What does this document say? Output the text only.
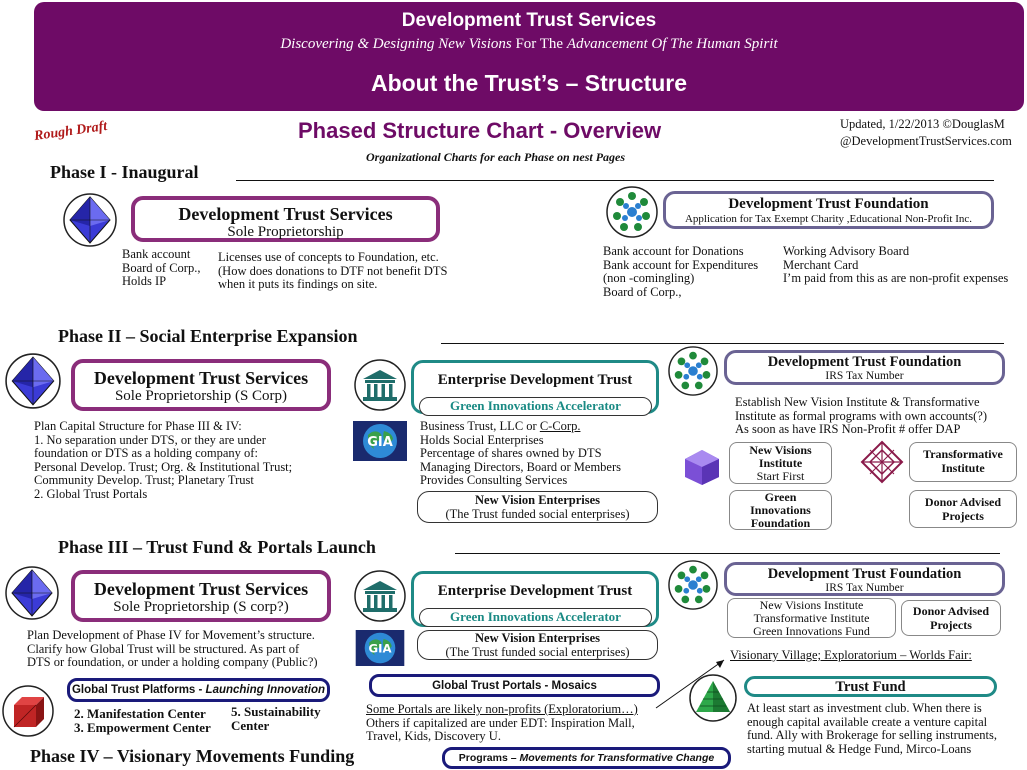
Development Trust Services
Discovering & Designing New Visions For The Advancement Of The Human Spirit
About the Trust’s – Structure
Rough Draft	Phased Structure Chart - Overview
Organizational Charts for each Phase on nest Pages
Updated, 1/22/2013 ©DouglasM
@DevelopmentTrustServices.com
Phase I - Inaugural
Development Trust Services
Sole Proprietorship
Bank account
Board of Corp.,
Holds IP
Licenses use of concepts to Foundation, etc.
(How does donations to DTF not benefit DTS
when it puts its findings on site.
Development Trust Foundation
Application for Tax Exempt Charity ,Educational Non-Profit Inc.
Bank account for Donations
Bank account for Expenditures
(non -comingling)
Board of Corp.,
Working Advisory Board
Merchant Card
I’m paid from this as are non-profit expenses
Phase II – Social Enterprise Expansion
Development Trust Services
Sole Proprietorship (S Corp)
Plan Capital Structure for Phase III & IV:
1. No separation under DTS, or they are under
foundation or DTS as a holding company of:
Personal Develop. Trust; Org. & Institutional Trust;
Community Develop. Trust; Planetary Trust
2. Global Trust Portals
Enterprise Development Trust
Green Innovations Accelerator
GIA
Business Trust, LLC or C-Corp.
Holds Social Enterprises
Percentage of shares owned by DTS
Managing Directors, Board or Members
Provides Consulting Services
New Vision Enterprises
(The Trust funded social enterprises)
Development Trust Foundation
IRS Tax Number
Establish New Vision Institute & Transformative
Institute as formal programs with own accounts(?)
As soon as have IRS Non-Profit # offer DAP
New Visions
Institute
Start First
Transformative
Institute
Green
Innovations
Foundation
Donor Advised
Projects
Phase III – Trust Fund & Portals Launch
Development Trust Services
Sole Proprietorship (S corp?)
Plan Development of Phase IV for Movement’s structure.
Clarify how Global Trust will be structured. As part of
DTS or foundation, or under a holding company (Public?)
Enterprise Development Trust
Green Innovations Accelerator
GIA
New Vision Enterprises
(The Trust funded social enterprises)
Development Trust Foundation
IRS Tax Number
New Visions Institute
Transformative Institute
Green Innovations Fund
Donor Advised
Projects
Visionary Village; Exploratorium – Worlds Fair:
Global Trust Platforms - Launching Innovation
2. Manifestation Center
3. Empowerment Center
5. Sustainability
Center
Global Trust Portals - Mosaics
Some Portals are likely non-profits (Exploratorium…)
Others if capitalized are under EDT: Inspiration Mall,
Travel, Kids, Discovery U.
Trust Fund
At least start as investment club. When there is
enough capital available create a venture capital
fund. Ally with Brokerage for selling instruments,
starting mutual & Hedge Fund, Mirco-Loans
Phase IV – Visionary Movements Funding	Programs – Movements for Transformative Change
